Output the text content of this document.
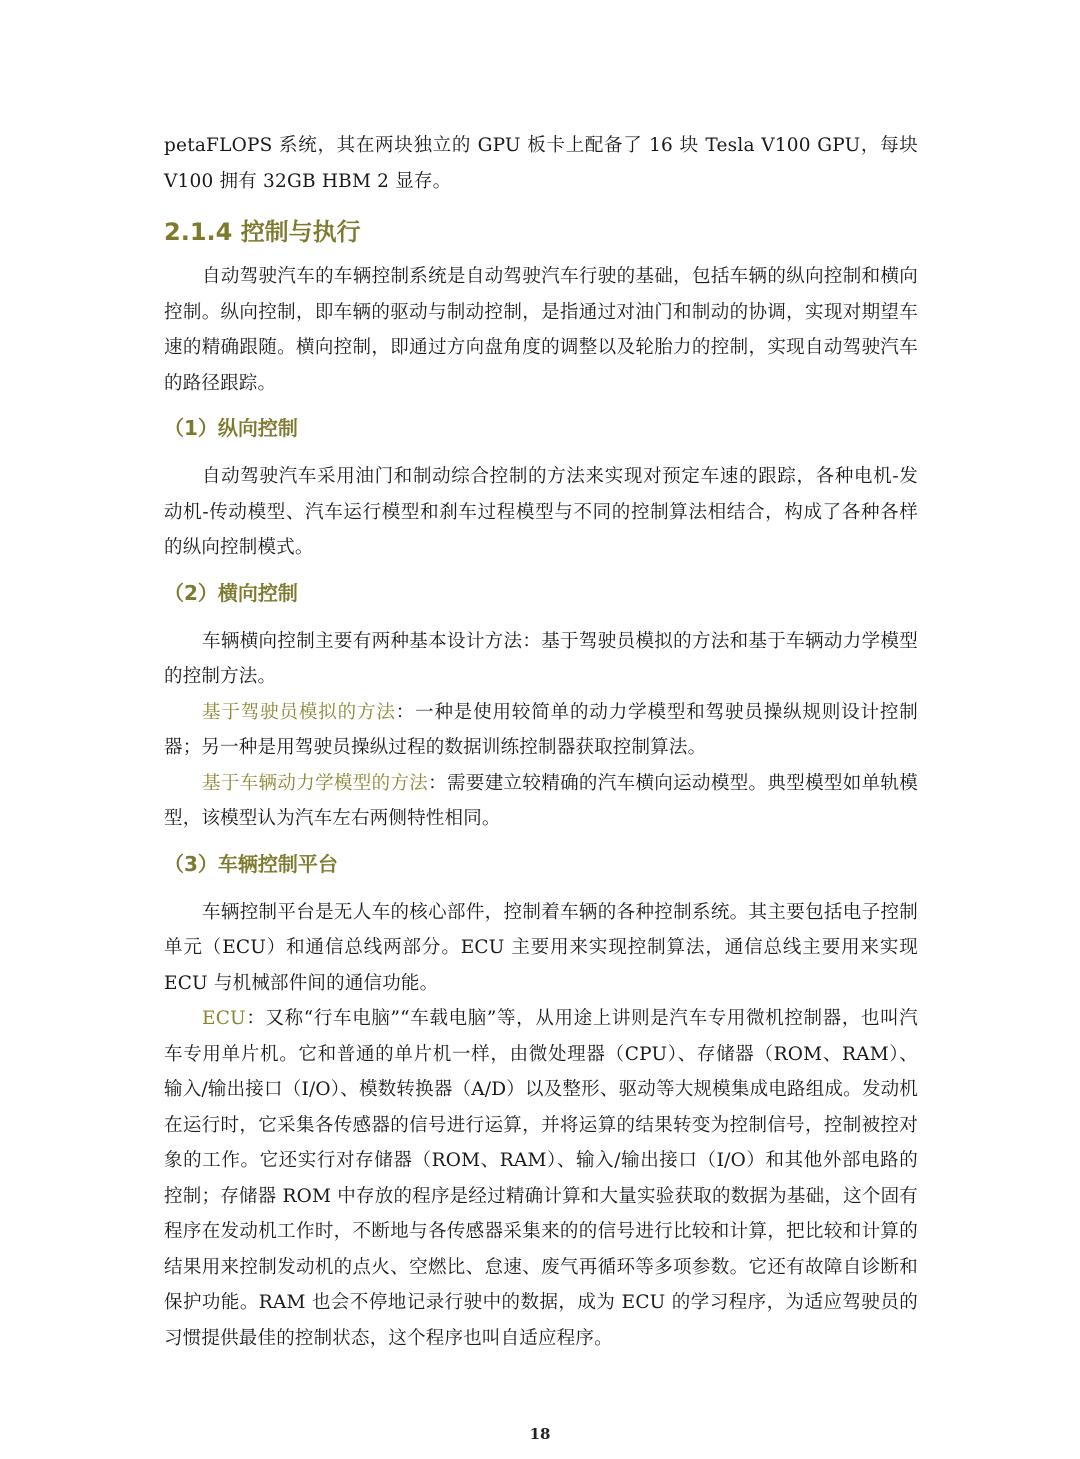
petaFLOPS 系统，其在两块独立的 GPU 板卡上配备了 16 块 Tesla V100 GPU，每块 V100 拥有 32GB HBM 2 显存。

2.1.4 控制与执行

自动驾驶汽车的车辆控制系统是自动驾驶汽车行驶的基础，包括车辆的纵向控制和横向控制。纵向控制，即车辆的驱动与制动控制，是指通过对油门和制动的协调，实现对期望车速的精确跟随。横向控制，即通过方向盘角度的调整以及轮胎力的控制，实现自动驾驶汽车的路径跟踪。

（1）纵向控制

自动驾驶汽车采用油门和制动综合控制的方法来实现对预定车速的跟踪，各种电机-发动机-传动模型、汽车运行模型和刹车过程模型与不同的控制算法相结合，构成了各种各样的纵向控制模式。

（2）横向控制

车辆横向控制主要有两种基本设计方法：基于驾驶员模拟的方法和基于车辆动力学模型的控制方法。

基于驾驶员模拟的方法：一种是使用较简单的动力学模型和驾驶员操纵规则设计控制器；另一种是用驾驶员操纵过程的数据训练控制器获取控制算法。

基于车辆动力学模型的方法：需要建立较精确的汽车横向运动模型。典型模型如单轨模型，该模型认为汽车左右两侧特性相同。

（3）车辆控制平台

车辆控制平台是无人车的核心部件，控制着车辆的各种控制系统。其主要包括电子控制单元（ECU）和通信总线两部分。ECU 主要用来实现控制算法，通信总线主要用来实现 ECU 与机械部件间的通信功能。

ECU：又称“行车电脑”“车载电脑”等，从用途上讲则是汽车专用微机控制器，也叫汽车专用单片机。它和普通的单片机一样，由微处理器（CPU）、存储器（ROM、RAM）、输入/输出接口（I/O）、模数转换器（A/D）以及整形、驱动等大规模集成电路组成。发动机在运行时，它采集各传感器的信号进行运算，并将运算的结果转变为控制信号，控制被控对象的工作。它还实行对存储器（ROM、RAM）、输入/输出接口（I/O）和其他外部电路的控制；存储器 ROM 中存放的程序是经过精确计算和大量实验获取的数据为基础，这个固有程序在发动机工作时，不断地与各传感器采集来的的信号进行比较和计算，把比较和计算的结果用来控制发动机的点火、空燃比、怠速、废气再循环等多项参数。它还有故障自诊断和保护功能。RAM 也会不停地记录行驶中的数据，成为 ECU 的学习程序，为适应驾驶员的习惯提供最佳的控制状态，这个程序也叫自适应程序。

18
